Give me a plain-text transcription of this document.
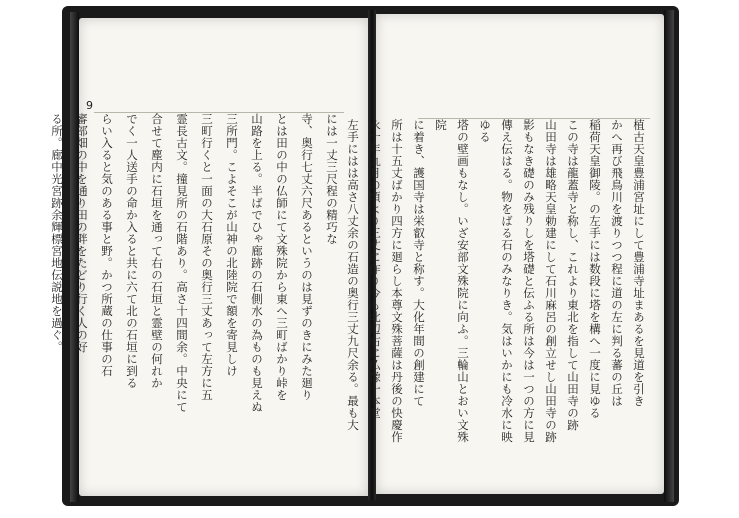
9
には一丈三尺程の精巧な
寺、奥行七丈六尺あるというのは見ずのきにみた廻り
とは田の中の仏師にて文殊院から東へ三町ばかり峠を
山路を上る。半ばでひゃ廊跡の石側水の為ものも見えぬ
三所門。こよそこが山神の北陸院で額を寄見しけ
三町行くと一面の大石原その奥行三丈あって左方に五
霊長古文。撞見所の石階あり。高さ十四間余。中央にて
合せて塵内に石垣を通って右の石垣と霊壁の何れか
でく一人送手の命か入ると共に六て北の石垣に到る
らい入ると気のある事と野。かつ所蔵の仕事の石
審部畑の中を通り田の畔をたどり行く人の好
る所。廊中光宮跡余輝標宮地伝説地を過ぐ。	植古天皇豊浦宮址にして豊浦寺址まあるを見道を引き
かへ再び飛鳥川を渡りつつ程に道の左に判る蕃の丘は
稲荷天皇御陵。の左手には数段に塔を構へ一度に見ゆる
この寺は龍蓋寺と称し、これより東北を指して山田寺の跡
山田寺は雄略天皇勅建にして石川麻呂の創立せし山田寺の跡
影もなき礎のみ残りしを塔礎と伝ふる所は今は一つの方に見
傳え伝はる。物をばる石のみなりき。気はいかにも冷水に映ゆる
塔の壁画もなし。いざ安部文殊院に向ふ。三輪山とおい文殊院
に着き、護国寺は栄叡寺と称す。大化年間の創建にて
所は十五丈ばかり四方に廻らし本尊文殊菩薩は丹後の快慶作
永十年九月の頃より三丈に作り今も北辺右に仏像一本堂
左手にはは高さ八丈余の石造の奥行三丈九尺余る。最も大
